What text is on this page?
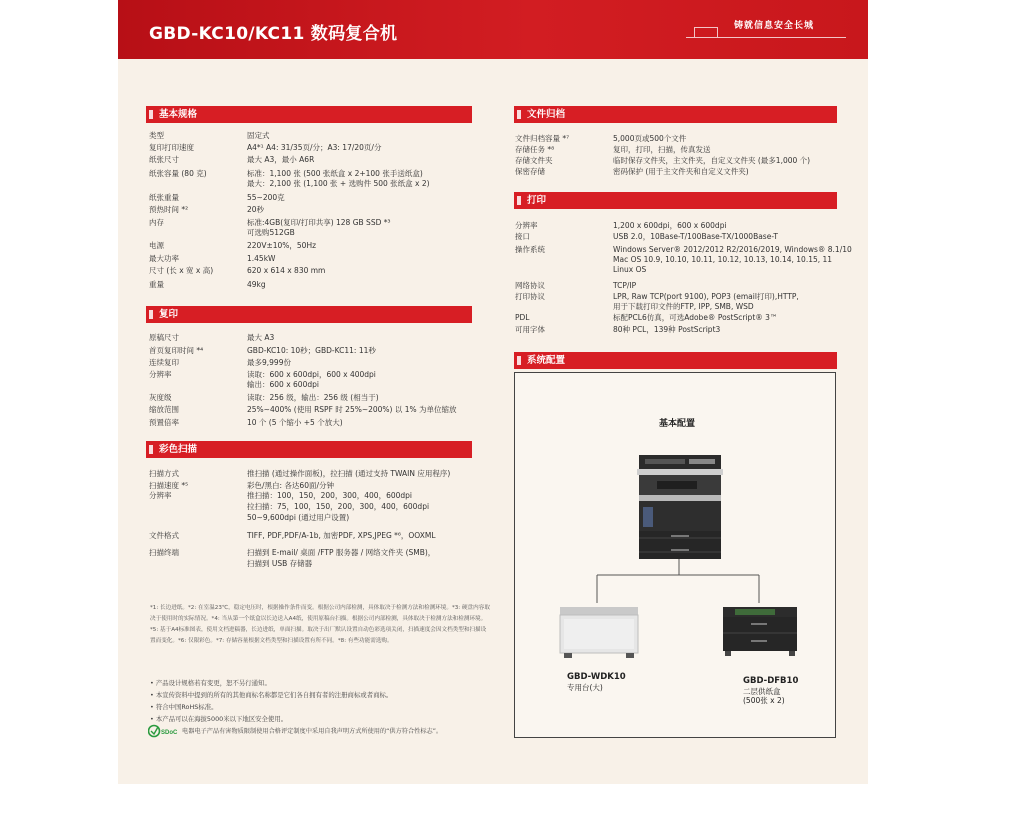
GBD-KC10/KC11 数码复合机	铸就信息安全长城
基本规格
类型	固定式
复印打印速度	A4*¹ A4: 31/35页/分；A3: 17/20页/分
纸张尺寸	最大 A3，最小 A6R
纸张容量 (80 克)	标准：1,100 张 (500 张纸盒 x 2+100 张手送纸盒)
最大：2,100 张 (1,100 张 + 选购件 500 张纸盒 x 2)
纸张重量	55~200克
预热时间 *²	20秒
内存	标准:4GB(复印/打印共享) 128 GB SSD *³
可选购512GB
电源	220V±10%，50Hz
最大功率	1.45kW
尺寸 (长 x 宽 x 高)	620 x 614 x 830 mm
重量	49kg
复印
原稿尺寸	最大 A3
首页复印时间 *⁴	GBD-KC10: 10秒；GBD-KC11: 11秒
连续复印	最多9,999份
分辨率	读取：600 x 600dpi，600 x 400dpi
输出：600 x 600dpi
灰度级	读取：256 级，输出：256 级 (相当于)
缩放范围	25%~400% (使用 RSPF 时 25%~200%) 以 1% 为单位缩放
预置倍率	10 个 (5 个缩小 +5 个放大)
彩色扫描
扫描方式	推扫描 (通过操作面板)，拉扫描 (通过支持 TWAIN 应用程序)
扫描速度 *⁵	彩色/黑白: 各达60面/分钟
分辨率	推扫描：100，150，200，300，400，600dpi
拉扫描：75，100，150，200，300，400，600dpi
50~9,600dpi (通过用户设置)
文件格式	TIFF, PDF,PDF/A-1b, 加密PDF, XPS,JPEG *⁶，OOXML
扫描终端	扫描到 E-mail/ 桌面 /FTP 服务器 / 网络文件夹 (SMB)，
扫描到 USB 存储器
*1: 长边进纸。*2: 在室温23℃，稳定电压时，根据操作条件而变。根据公司内部检测，具体取决于检测方法和检测环境。*3: 硬盘内容取
决于使用时的实际情况。*4: 当从第一个纸盒以长边送入A4纸，使用原稿台扫描。根据公司内部检测，具体取决于检测方法和检测环境。
*5: 基于A4标准图表，使用文档进稿器，长边进纸，单面扫描。取决于出厂默认设置自动色彩选项关闭，扫描速度会因文档类型和扫描设
置而变化。*6: 仅限彩色。*7: 存储容量根据文档类型和扫描设置有所不同。*8: 有些功能需选购。
• 产品设计规格若有变更，恕不另行通知。
• 本宣传资料中提到的所有的其他商标名称都是它们各自拥有者的注册商标或者商标。
• 符合中国RoHS标准。
• 本产品可以在海拔5000米以下地区安全使用。
SDoC 电器电子产品有害物质限制使用合格评定制度中采用自我声明方式所使用的“供方符合性标志”。
文件归档
文件归档容量 *⁷	5,000页或500个文件
存储任务 *⁸	复印，打印，扫描，传真发送
存储文件夹	临时保存文件夹，主文件夹，自定义文件夹 (最多1,000 个)
保密存储	密码保护 (用于主文件夹和自定义文件夹)
打印
分辨率	1,200 x 600dpi，600 x 600dpi
接口	USB 2.0，10Base-T/100Base-TX/1000Base-T
操作系统	Windows Server® 2012/2012 R2/2016/2019, Windows® 8.1/10
Mac OS 10.9, 10.10, 10.11, 10.12, 10.13, 10.14, 10.15, 11
Linux OS
网络协议	TCP/IP
打印协议	LPR, Raw TCP(port 9100), POP3 (email打印),HTTP,
用于下载打印文件的FTP, IPP, SMB, WSD
PDL	标配PCL6仿真，可选Adobe® PostScript® 3™
可用字体	80种 PCL，139种 PostScript3
系统配置
基本配置
GBD-WDK10
专用台(大)
GBD-DFB10
二层供纸盒
(500张 x 2)
